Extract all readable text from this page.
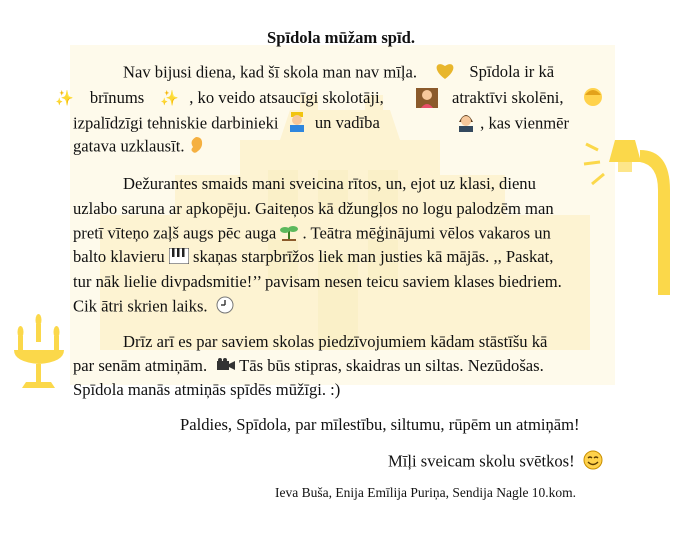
Spīdola mūžam spīd.
Nav bijusi diena, kad šī skola man nav mīļa.	Spīdola ir kā
✨ brīnums ✨ , ko veido atsaucīgi skolotāji,	atraktīvi skolēni,
izpalīdzīgi tehniskie darbinieki un vadība	, kas vienmēr
gatava uzklausīt.
Dežurantes smaids mani sveicina rītos, un, ejot uz klasi, dienu
uzlabo saruna ar apkopēju. Gaiteņos kā džungļos no logu palodzēm man
pretī vīteņo zaļš augs pēc auga . Teātra mēģinājumi vēlos vakaros un
balto klavieru skaņas starpbrīžos liek man justies kā mājās. ,, Paskat,
tur nāk lielie divpadsmitie!’’ pavisam nesen teicu saviem klases biedriem.
Cik ātri skrien laiks.
Drīz arī es par saviem skolas piedzīvojumiem kādam stāstīšu kā
par senām atmiņām. Tās būs stipras, skaidras un siltas. Nezūdošas.
Spīdola manās atmiņās spīdēs mūžīgi. :)
Paldies, Spīdola, par mīlestību, siltumu, rūpēm un atmiņām!
Mīļi sveicam skolu svētkos!
Ieva Buša, Enija Emīlija Puriņa, Sendija Nagle 10.kom.
